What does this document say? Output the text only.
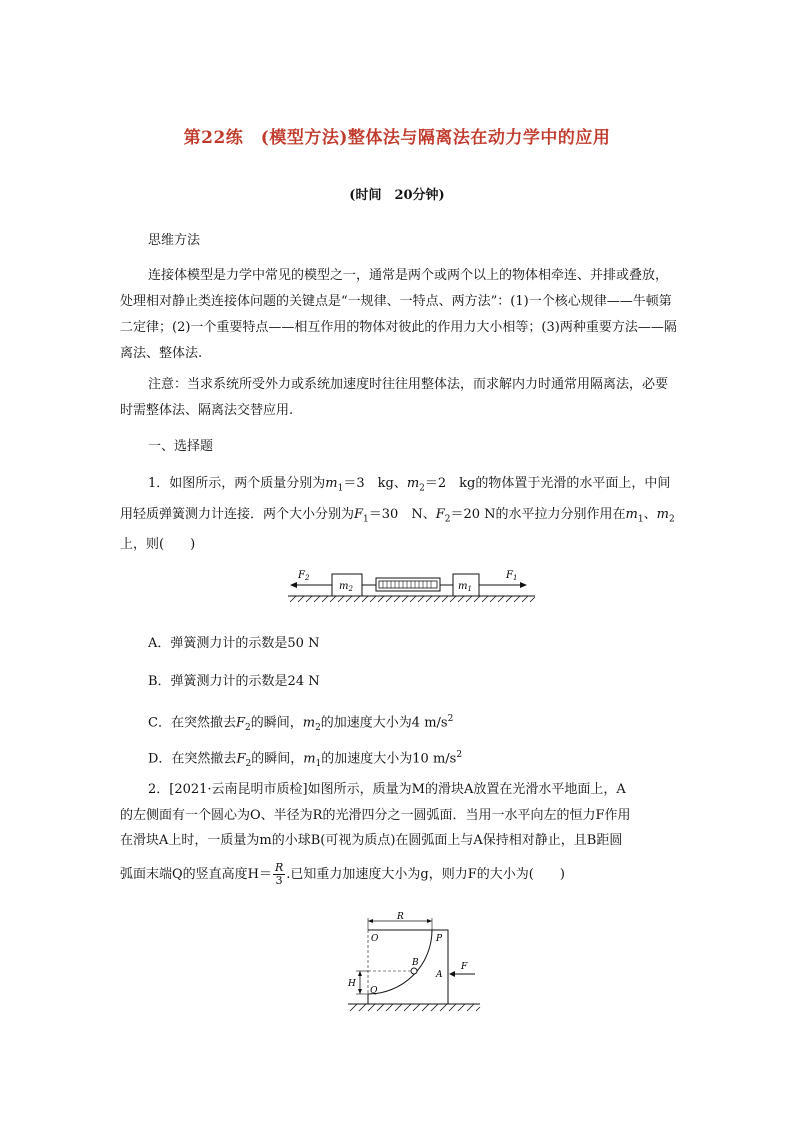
第22练　(模型方法)整体法与隔离法在动力学中的应用
(时间　20分钟)
思维方法
连接体模型是力学中常见的模型之一，通常是两个或两个以上的物体相牵连、并排或叠放，处理相对静止类连接体问题的关键点是“一规律、一特点、两方法”：(1)一个核心规律——牛顿第二定律；(2)一个重要特点——相互作用的物体对彼此的作用力大小相等；(3)两种重要方法——隔离法、整体法.
注意：当求系统所受外力或系统加速度时往往用整体法，而求解内力时通常用隔离法，必要时需整体法、隔离法交替应用.
一、选择题
1．如图所示，两个质量分别为$m_1=3$　kg、$m_2=2$　kg的物体置于光滑的水平面上，中间用轻质弹簧测力计连接．两个大小分别为$F_1=30$　N、$F_2=20$ N的水平拉力分别作用在$m_1$、$m_2$上，则(　　)
$m_2$	$m_1$
$F_2$	$F_1$
A．弹簧测力计的示数是50 N
B．弹簧测力计的示数是24 N
C．在突然撤去$F_2$的瞬间，$m_2$的加速度大小为4 $m/s^2$
D．在突然撤去$F_2$的瞬间，$m_1$的加速度大小为10 $m/s^2$
2．[2021·云南昆明市质检]如图所示，质量为M的滑块A放置在光滑水平地面上，A
的左侧面有一个圆心为O、半径为R的光滑四分之一圆弧面．当用一水平向左的恒力F作用
在滑块A上时，一质量为m的小球B(可视为质点)在圆弧面上与A保持相对静止，且B距圆
弧面末端Q的竖直高度$H= \frac{R}{3}$ .已知重力加速度大小为g，则力F的大小为(　　)
R
O	P
B
A
F
H
Q
